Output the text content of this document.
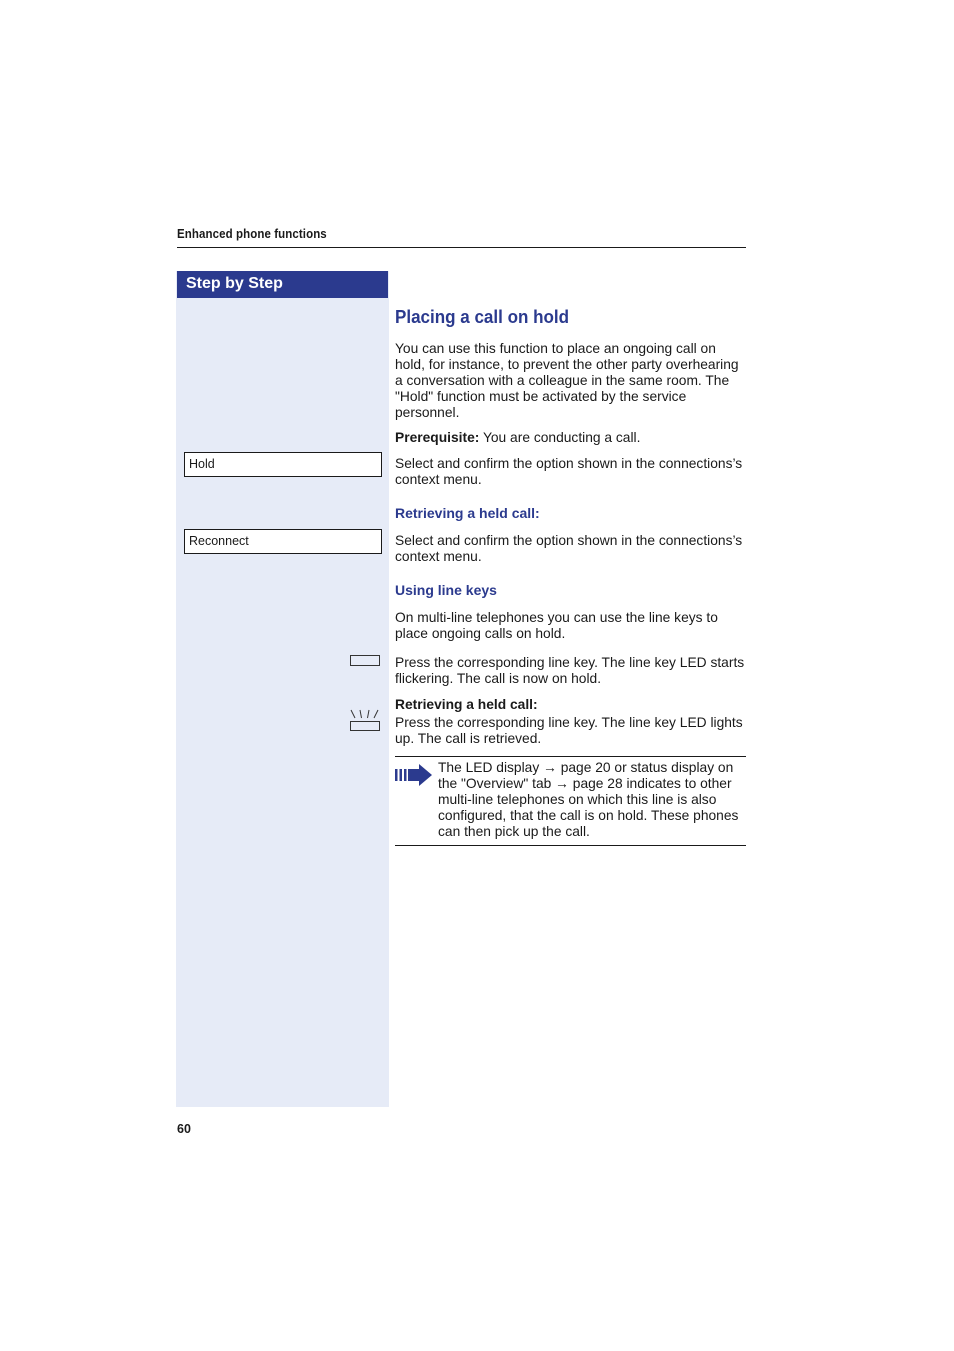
Enhanced phone functions
Step by Step
Hold
Reconnect
Placing a call on hold
You can use this function to place an ongoing call on hold, for instance, to prevent the other party overhearing a conversation with a colleague in the same room. The "Hold" function must be activated by the service personnel.
Prerequisite: You are conducting a call.
Select and confirm the option shown in the connections’s context menu.
Retrieving a held call:
Select and confirm the option shown in the connections’s context menu.
Using line keys
On multi-line telephones you can use the line keys to place ongoing calls on hold.
Press the corresponding line key. The line key LED starts flickering. The call is now on hold.
Retrieving a held call:
Press the corresponding line key. The line key LED lights up. The call is retrieved.
The LED display → page 20 or status display on the "Overview" tab → page 28 indicates to other multi-line telephones on which this line is also configured, that the call is on hold. These phones can then pick up the call.
60
